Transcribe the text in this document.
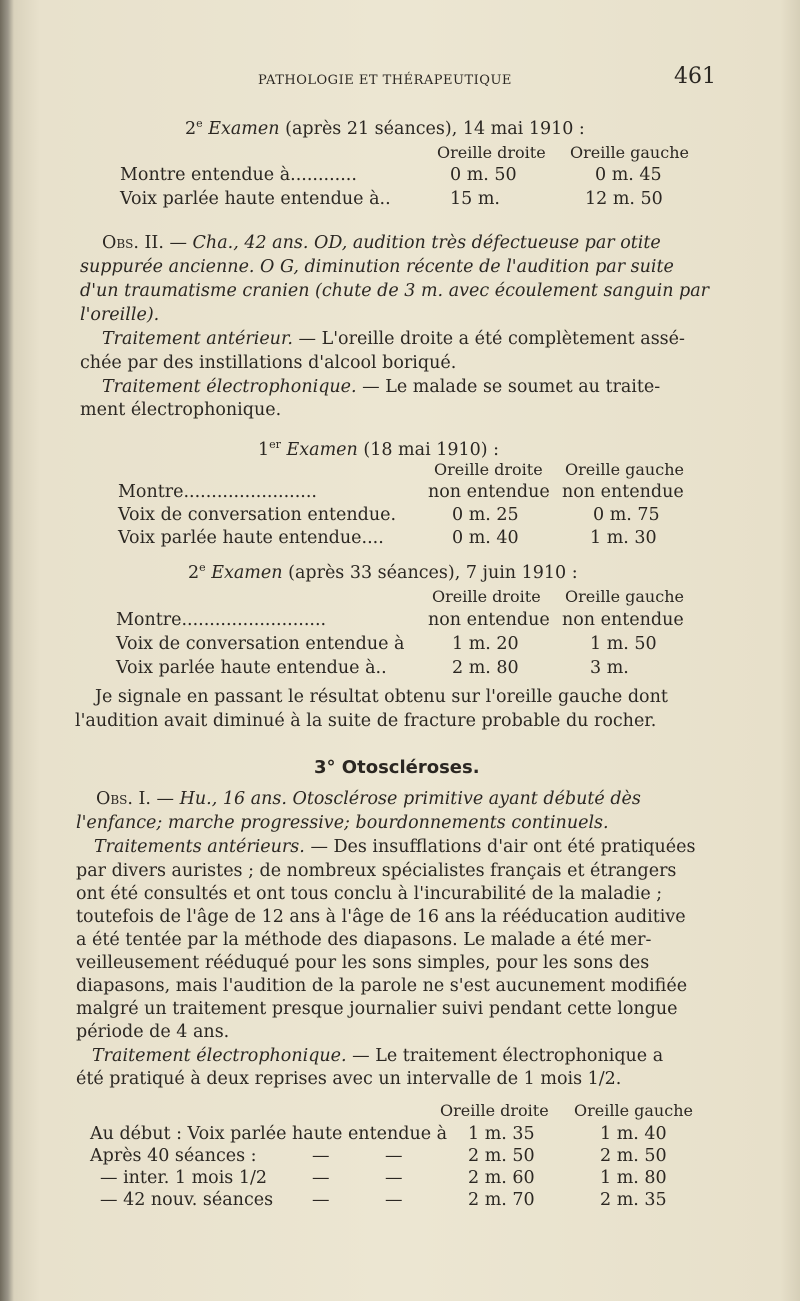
PATHOLOGIE ET THÉRAPEUTIQUE	461
2e Examen (après 21 séances), 14 mai 1910 :
Oreille droite Oreille gauche
Montre entendue à............	0 m. 50	0 m. 45
Voix parlée haute entendue à..	15 m.	12 m. 50
Obs. II. — Cha., 42 ans. OD, audition très défectueuse par otite
suppurée ancienne. O G, diminution récente de l'audition par suite
d'un traumatisme cranien (chute de 3 m. avec écoulement sanguin par
l'oreille).
Traitement antérieur. — L'oreille droite a été complètement assé-
chée par des instillations d'alcool boriqué.
Traitement électrophonique. — Le malade se soumet au traite-
ment électrophonique.
1er Examen (18 mai 1910) :
Oreille droite Oreille gauche
Montre........................	non entendue non entendue
Voix de conversation entendue.	0 m. 25	0 m. 75
Voix parlée haute entendue....	0 m. 40	1 m. 30
2e Examen (après 33 séances), 7 juin 1910 :
Oreille droite Oreille gauche
Montre..........................	non entendue non entendue
Voix de conversation entendue à	1 m. 20	1 m. 50
Voix parlée haute entendue à..	2 m. 80	3 m.
Je signale en passant le résultat obtenu sur l'oreille gauche dont
l'audition avait diminué à la suite de fracture probable du rocher.
3° Otoscléroses.
Obs. I. — Hu., 16 ans. Otosclérose primitive ayant débuté dès
l'enfance; marche progressive; bourdonnements continuels.
Traitements antérieurs. — Des insufflations d'air ont été pratiquées
par divers auristes ; de nombreux spécialistes français et étrangers
ont été consultés et ont tous conclu à l'incurabilité de la maladie ;
toutefois de l'âge de 12 ans à l'âge de 16 ans la rééducation auditive
a été tentée par la méthode des diapasons. Le malade a été mer-
veilleusement rééduqué pour les sons simples, pour les sons des
diapasons, mais l'audition de la parole ne s'est aucunement modifiée
malgré un traitement presque journalier suivi pendant cette longue
période de 4 ans.
Traitement électrophonique. — Le traitement électrophonique a
été pratiqué à deux reprises avec un intervalle de 1 mois 1/2.
Oreille droite Oreille gauche
Au début : Voix parlée haute entendue à 1 m. 35	1 m. 40
Après 40 séances :	—	—	2 m. 50	2 m. 50
— inter. 1 mois 1/2	—	—	2 m. 60	1 m. 80
— 42 nouv. séances —	—	2 m. 70	2 m. 35
